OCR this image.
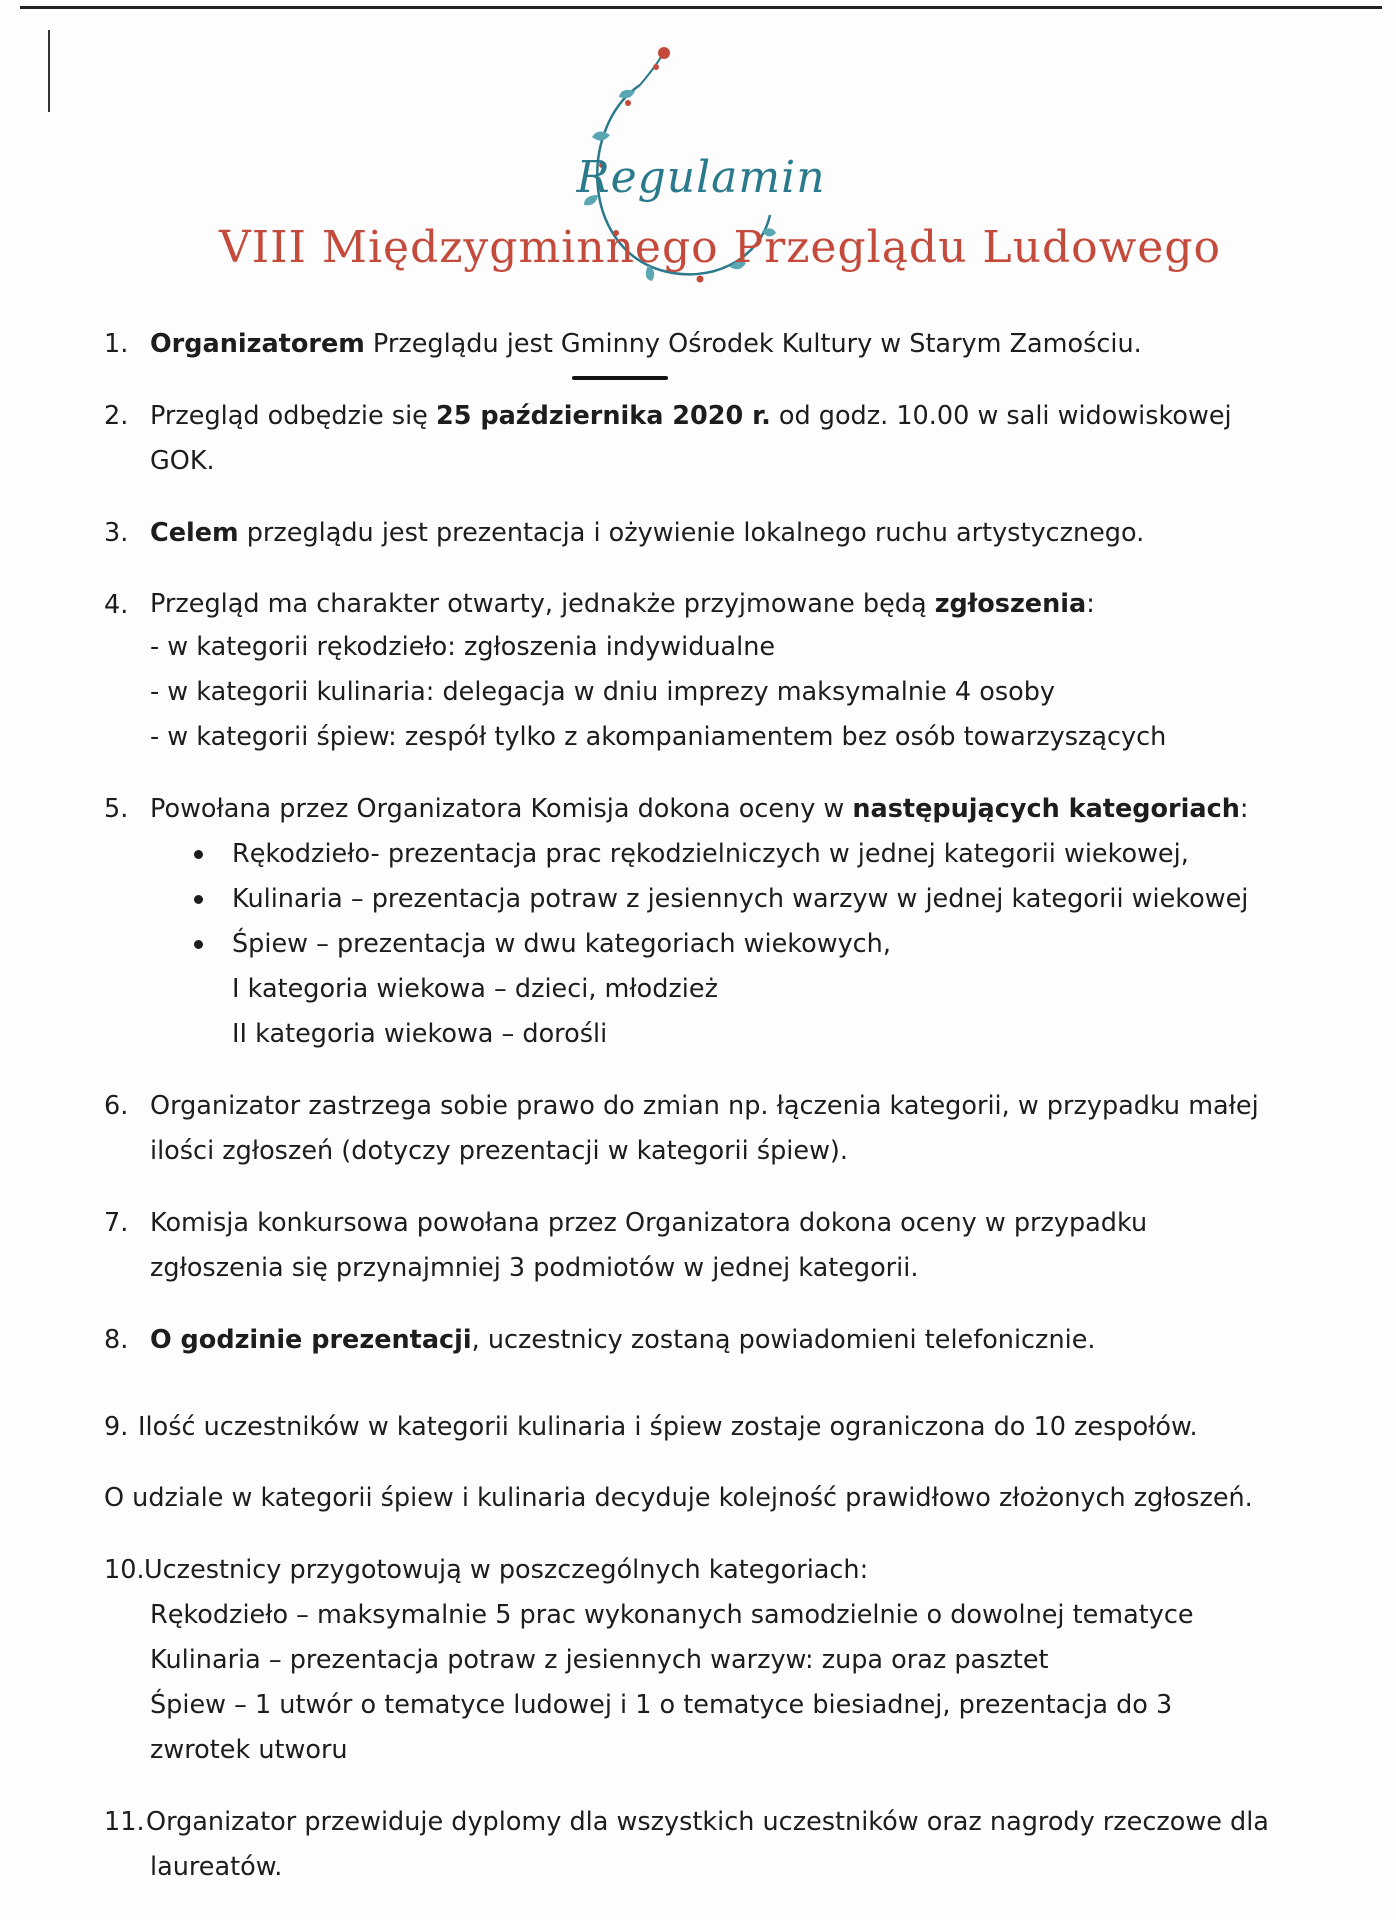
Regulamin
VIII Międzygminnego Przeglądu Ludowego
1. Organizatorem Przeglądu jest Gminny Ośrodek Kultury w Starym Zamościu.

2. Przegląd odbędzie się 25 października 2020 r. od godz. 10.00 w sali widowiskowej GOK.

3. Celem przeglądu jest prezentacja i ożywienie lokalnego ruchu artystycznego.

4. Przegląd ma charakter otwarty, jednakże przyjmowane będą zgłoszenia:

- w kategorii rękodzieło: zgłoszenia indywidualne

- w kategorii kulinaria: delegacja w dniu imprezy maksymalnie 4 osoby

- w kategorii śpiew: zespół tylko z akompaniamentem bez osób towarzyszących

5. Powołana przez Organizatora Komisja dokona oceny w następujących kategoriach:

Rękodzieło- prezentacja prac rękodzielniczych w jednej kategorii wiekowej,
Kulinaria – prezentacja potraw z jesiennych warzyw w jednej kategorii wiekowej
Śpiew – prezentacja w dwu kategoriach wiekowych,

I kategoria wiekowa – dzieci, młodzież

II kategoria wiekowa – dorośli

6. Organizator zastrzega sobie prawo do zmian np. łączenia kategorii, w przypadku małej

ilości zgłoszeń (dotyczy prezentacji w kategorii śpiew).

7. Komisja konkursowa powołana przez Organizatora dokona oceny w przypadku

zgłoszenia się przynajmniej 3 podmiotów w jednej kategorii.

8. O godzinie prezentacji, uczestnicy zostaną powiadomieni telefonicznie.

9. Ilość uczestników w kategorii kulinaria i śpiew zostaje ograniczona do 10 zespołów.

O udziale w kategorii śpiew i kulinaria decyduje kolejność prawidłowo złożonych zgłoszeń.

10. Uczestnicy przygotowują w poszczególnych kategoriach:

Rękodzieło – maksymalnie 5 prac wykonanych samodzielnie o dowolnej tematyce

Kulinaria – prezentacja potraw z jesiennych warzyw: zupa oraz pasztet

Śpiew – 1 utwór o tematyce ludowej i 1 o tematyce biesiadnej, prezentacja do 3

zwrotek utworu

11. Organizator przewiduje dyplomy dla wszystkich uczestników oraz nagrody rzeczowe dla

laureatów.
